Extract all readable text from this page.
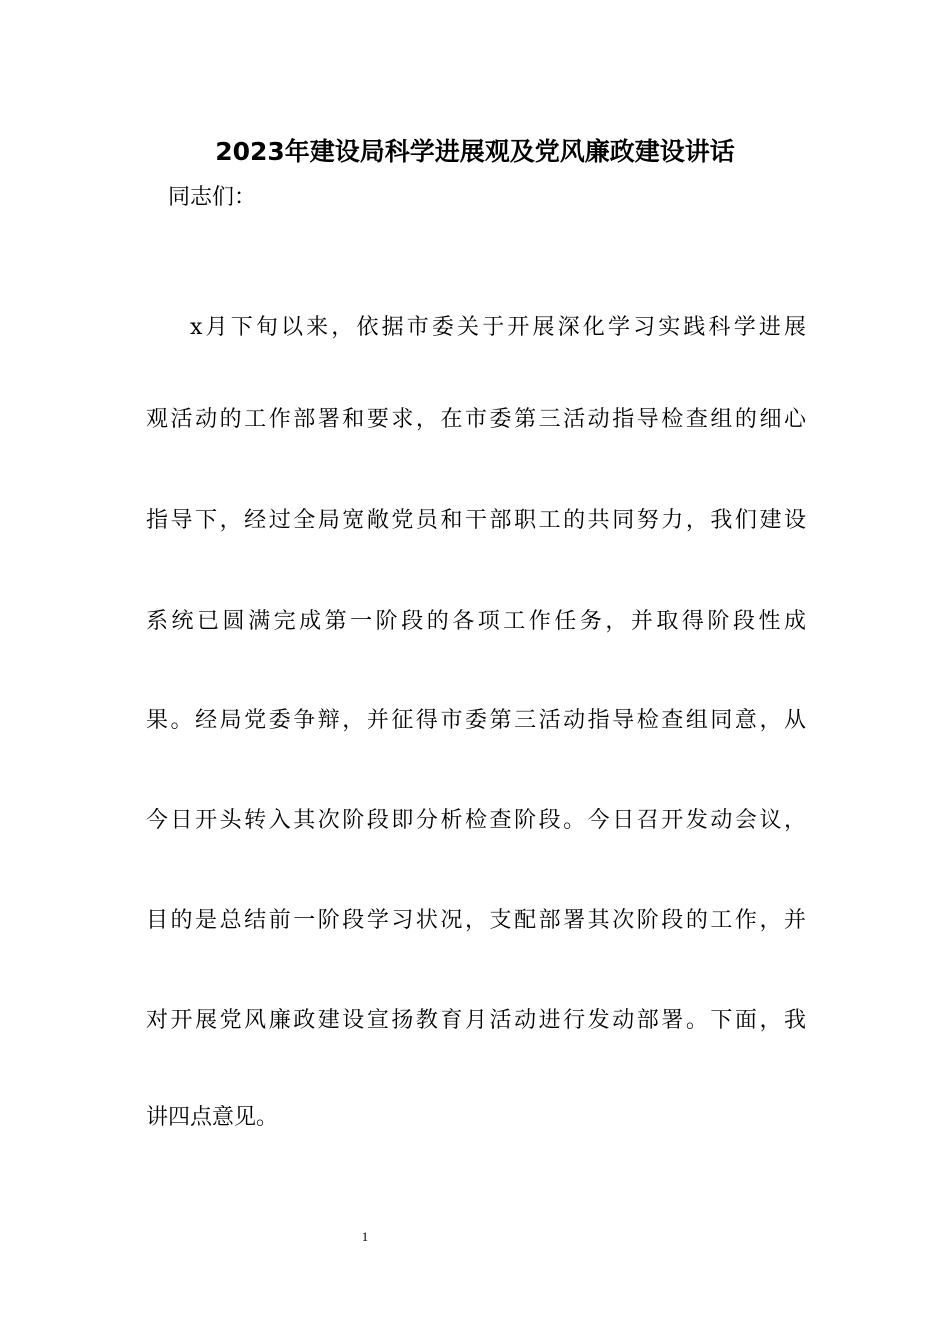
2023年建设局科学进展观及党风廉政建设讲话
同志们：
x月下旬以来，依据市委关于开展深化学习实践科学进展
观活动的工作部署和要求，在市委第三活动指导检查组的细心
指导下，经过全局宽敞党员和干部职工的共同努力，我们建设
系统已圆满完成第一阶段的各项工作任务，并取得阶段性成
果。经局党委争辩，并征得市委第三活动指导检查组同意，从
今日开头转入其次阶段即分析检查阶段。今日召开发动会议，
目的是总结前一阶段学习状况，支配部署其次阶段的工作，并
对开展党风廉政建设宣扬教育月活动进行发动部署。下面，我
讲四点意见。
1
